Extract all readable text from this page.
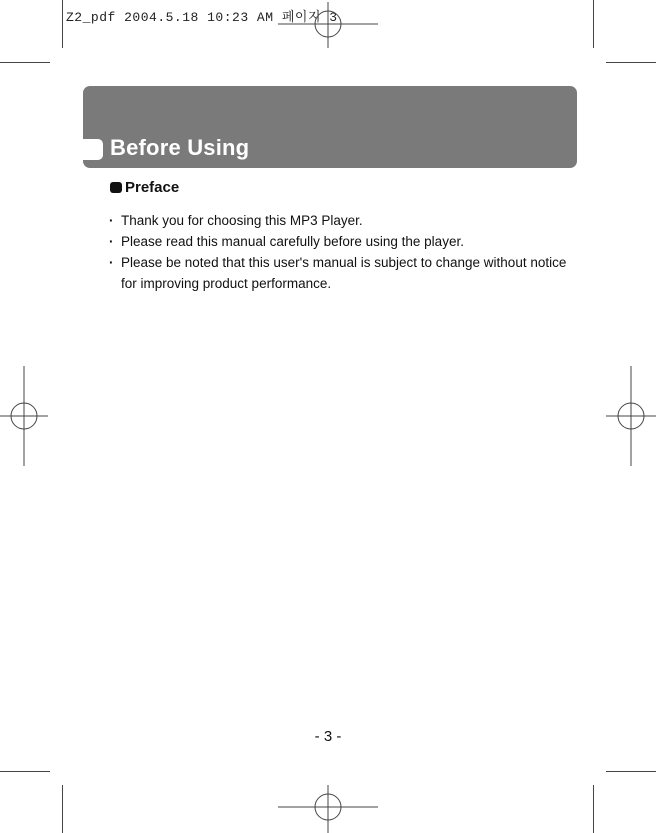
Z2_pdf 2004.5.18 10:23 AM 페이지 3
Before Using
Preface
· Thank you for choosing this MP3 Player.
· Please read this manual carefully before using the player.
· Please be noted that this user's manual is subject to change without notice for improving product performance.
- 3 -
